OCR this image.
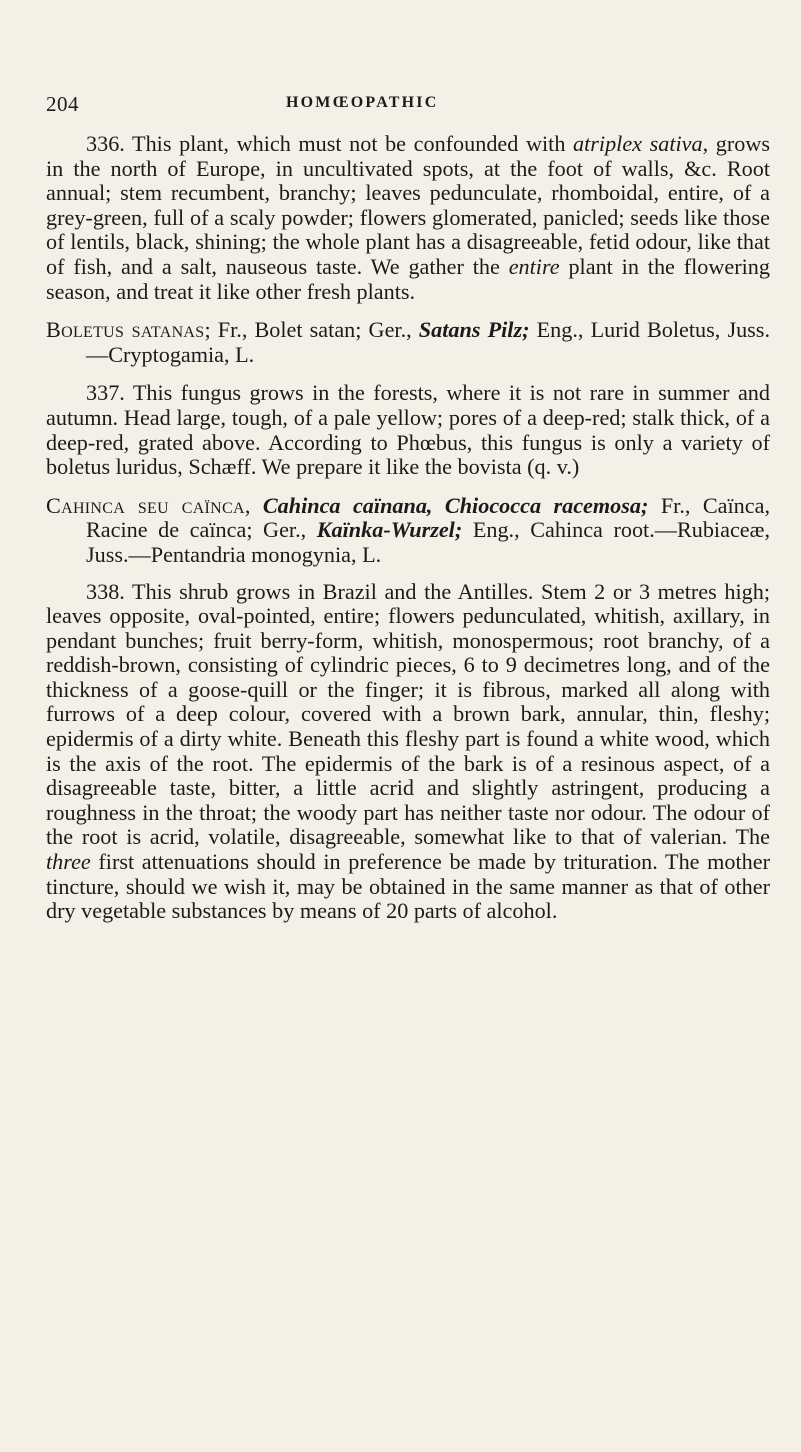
204	HOMŒOPATHIC

336. This plant, which must not be confounded with atriplex sativa, grows in the north of Europe, in uncultivated spots, at the foot of walls, &c. Root annual; stem recumbent, branchy; leaves pedunculate, rhomboidal, entire, of a grey-green, full of a scaly powder; flowers glomerated, panicled; seeds like those of lentils, black, shining; the whole plant has a disagreeable, fetid odour, like that of fish, and a salt, nauseous taste. We gather the entire plant in the flowering season, and treat it like other fresh plants.

Boletus satanas; Fr., Bolet satan; Ger., Satans Pilz; Eng., Lurid Boletus, Juss.—Cryptogamia, L.

337. This fungus grows in the forests, where it is not rare in summer and autumn. Head large, tough, of a pale yellow; pores of a deep-red; stalk thick, of a deep-red, grated above. According to Phœbus, this fungus is only a variety of boletus luridus, Schæff. We prepare it like the bovista (q. v.)

Cahinca seu caïnca, Cahinca caïnana, Chiococca racemosa; Fr., Caïnca, Racine de caïnca; Ger., Kaïnka-Wurzel; Eng., Cahinca root.—Rubiaceæ, Juss.—Pentandria monogynia, L.

338. This shrub grows in Brazil and the Antilles. Stem 2 or 3 metres high; leaves opposite, oval-pointed, entire; flowers pedunculated, whitish, axillary, in pendant bunches; fruit berry-form, whitish, monospermous; root branchy, of a reddish-brown, consisting of cylindric pieces, 6 to 9 decimetres long, and of the thickness of a goose-quill or the finger; it is fibrous, marked all along with furrows of a deep colour, covered with a brown bark, annular, thin, fleshy; epidermis of a dirty white. Beneath this fleshy part is found a white wood, which is the axis of the root. The epidermis of the bark is of a resinous aspect, of a disagreeable taste, bitter, a little acrid and slightly astringent, producing a roughness in the throat; the woody part has neither taste nor odour. The odour of the root is acrid, volatile, disagreeable, somewhat like to that of valerian. The three first attenuations should in preference be made by trituration. The mother tincture, should we wish it, may be obtained in the same manner as that of other dry vegetable substances by means of 20 parts of alcohol.
